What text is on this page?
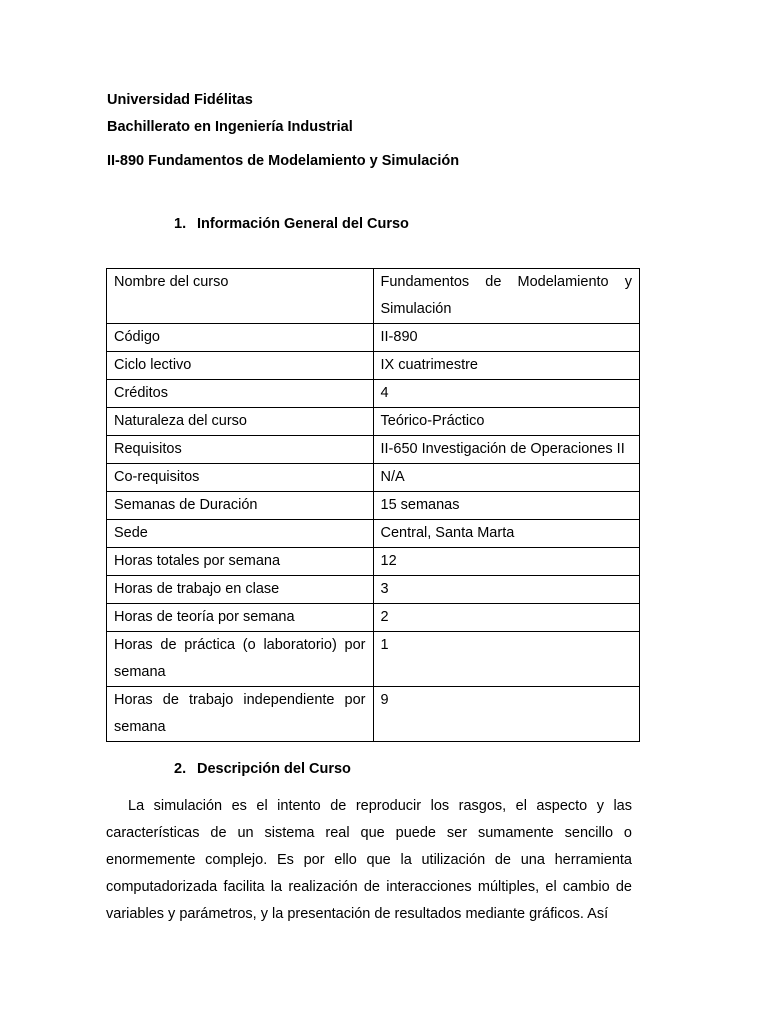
Universidad Fidélitas

Bachillerato en Ingeniería Industrial

II-890 Fundamentos de Modelamiento y Simulación

1. Información General del Curso
Nombre del curso	Fundamentos de Modelamiento y Simulación
Código	II-890
Ciclo lectivo	IX cuatrimestre
Créditos	4
Naturaleza del curso	Teórico-Práctico
Requisitos	II-650 Investigación de Operaciones II
Co-requisitos	N/A
Semanas de Duración	15 semanas
Sede	Central, Santa Marta
Horas totales por semana	12
Horas de trabajo en clase	3
Horas de teoría por semana	2
Horas de práctica (o laboratorio) por semana	1
Horas de trabajo independiente por semana	9
2. Descripción del Curso

La simulación es el intento de reproducir los rasgos, el aspecto y las características de un sistema real que puede ser sumamente sencillo o enormemente complejo. Es por ello que la utilización de una herramienta computadorizada facilita la realización de interacciones múltiples, el cambio de variables y parámetros, y la presentación de resultados mediante gráficos. Así
